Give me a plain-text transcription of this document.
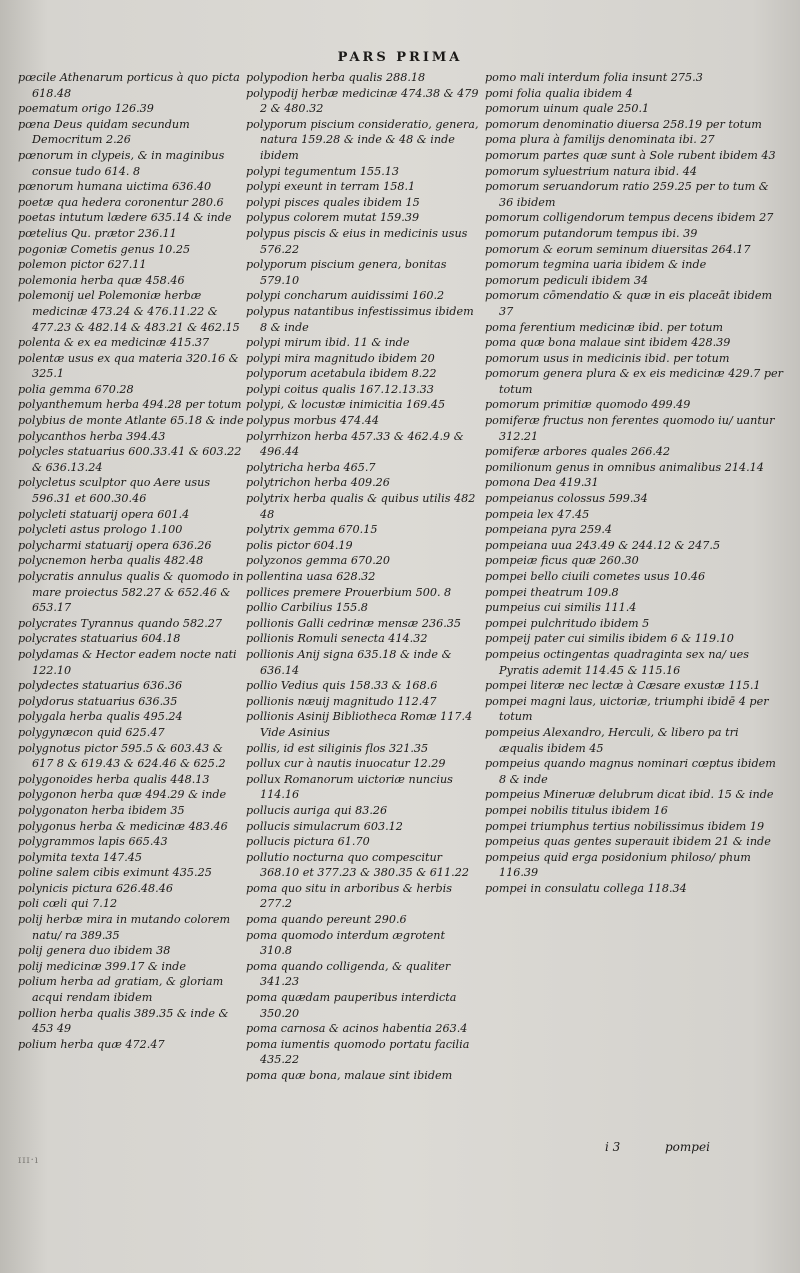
PARS PRIMA
pœcile Athenarum porticus à quo picta 618.48
poematum origo 126.39
pœna Deus quidam secundum Democritum 2.26
pœnorum in clypeis, & in maginibus consue tudo 614. 8
pœnorum humana uictima 636.40
poetæ qua hedera coronentur 280.6
poetas intutum lædere 635.14 & inde
pœtelius Qu. prætor 236.11
pogoniæ Cometis genus 10.25
polemon pictor 627.11
polemonia herba quæ 458.46
polemonij uel Polemoniæ herbæ medicinæ 473.24 & 476.11.22 & 477.23 & 482.14 & 483.21 & 462.15
polenta & ex ea medicinæ 415.37
polentæ usus ex qua materia 320.16 & 325.1
polia gemma 670.28
polyanthemum herba 494.28 per totum
polybius de monte Atlante 65.18 & inde
polycanthos herba 394.43
polycles statuarius 600.33.41 & 603.22 & 636.13.24
polycletus sculptor quo Aere usus 596.31 et 600.30.46
polycleti statuarij opera 601.4
polycleti astus prologo 1.100
polycharmi statuarij opera 636.26
polycnemon herba qualis 482.48
polycratis annulus qualis & quomodo in mare proiectus 582.27 & 652.46 & 653.17
polycrates Tyrannus quando 582.27
polycrates statuarius 604.18
polydamas & Hector eadem nocte nati 122.10
polydectes statuarius 636.36
polydorus statuarius 636.35
polygala herba qualis 495.24
polygynæcon quid 625.47
polygnotus pictor 595.5 & 603.43 & 617 8 & 619.43 & 624.46 & 625.2
polygonoides herba qualis 448.13
polygonon herba quæ 494.29 & inde
polygonaton herba ibidem 35
polygonus herba & medicinæ 483.46
polygrammos lapis 665.43
polymita texta 147.45
poline salem cibis eximunt 435.25
polynicis pictura 626.48.46
poli cœli qui 7.12
polij herbæ mira in mutando colorem natu/ ra 389.35
polij genera duo ibidem 38
polij medicinæ 399.17 & inde
polium herba ad gratiam, & gloriam acqui rendam ibidem
pollion herba qualis 389.35 & inde & 453 49
polium herba quæ 472.47
polypodion herba qualis 288.18
polypodij herbæ medicinæ 474.38 & 479 2 & 480.32
polyporum piscium consideratio, genera, natura 159.28 & inde & 48 & inde ibidem
polypi tegumentum 155.13
polypi exeunt in terram 158.1
polypi pisces quales ibidem 15
polypus colorem mutat 159.39
polypus piscis & eius in medicinis usus 576.22
polyporum piscium genera, bonitas 579.10
polypi concharum auidissimi 160.2
polypus natantibus infestissimus ibidem 8 & inde
polypi mirum ibid. 11 & inde
polypi mira magnitudo ibidem 20
polyporum acetabula ibidem 8.22
polypi coitus qualis 167.12.13.33
polypi, & locustæ inimicitia 169.45
polypus morbus 474.44
polyrrhizon herba 457.33 & 462.4.9 & 496.44
polytricha herba 465.7
polytrichon herba 409.26
polytrix herba qualis & quibus utilis 482 48
polytrix gemma 670.15
polis pictor 604.19
polyzonos gemma 670.20
pollentina uasa 628.32
pollices premere Prouerbium 500. 8
pollio Carbilius 155.8
pollionis Galli cedrinæ mensæ 236.35
pollionis Romuli senecta 414.32
pollionis Anij signa 635.18 & inde & 636.14
pollio Vedius quis 158.33 & 168.6
pollionis næuij magnitudo 112.47
pollionis Asinij Bibliotheca Romæ 117.4 Vide Asinius
pollis, id est siliginis flos 321.35
pollux cur à nautis inuocatur 12.29
pollux Romanorum uictoriæ nuncius 114.16
pollucis auriga qui 83.26
pollucis simulacrum 603.12
pollucis pictura 61.70
pollutio nocturna quo compescitur 368.10 et 377.23 & 380.35 & 611.22
poma quo situ in arboribus & herbis 277.2
poma quando pereunt 290.6
poma quomodo interdum ægrotent 310.8
poma quando colligenda, & qualiter 341.23
poma quædam pauperibus interdicta 350.20
poma carnosa & acinos habentia 263.4
poma iumentis quomodo portatu facilia 435.22
poma quæ bona, malaue sint ibidem
pomo mali interdum folia insunt 275.3
pomi folia qualia ibidem 4
pomorum uinum quale 250.1
pomorum denominatio diuersa 258.19 per totum
poma plura à familijs denominata ibi. 27
pomorum partes quæ sunt à Sole rubent ibidem 43
pomorum syluestrium natura ibid. 44
pomorum seruandorum ratio 259.25 per to tum & 36 ibidem
pomorum colligendorum tempus decens ibidem 27
pomorum putandorum tempus ibi. 39
pomorum & eorum seminum diuersitas 264.17
pomorum tegmina uaria ibidem & inde
pomorum pediculi ibidem 34
pomorum cōmendatio & quæ in eis placeāt ibidem 37
poma ferentium medicinæ ibid. per totum
poma quæ bona malaue sint ibidem 428.39
pomorum usus in medicinis ibid. per totum
pomorum genera plura & ex eis medicinæ 429.7 per totum
pomorum primitiæ quomodo 499.49
pomiferæ fructus non ferentes quomodo iu/ uantur 312.21
pomiferæ arbores quales 266.42
pomilionum genus in omnibus animalibus 214.14
pomona Dea 419.31
pompeianus colossus 599.34
pompeia lex 47.45
pompeiana pyra 259.4
pompeiana uua 243.49 & 244.12 & 247.5
pompeiæ ficus quæ 260.30
pompei bello ciuili cometes usus 10.46
pompei theatrum 109.8
pumpeius cui similis 111.4
pompei pulchritudo ibidem 5
pompeij pater cui similis ibidem 6 & 119.10
pompeius octingentas quadraginta sex na/ ues Pyratis ademit 114.45 & 115.16
pompei literæ nec lectæ à Cæsare exustæ 115.1
pompei magni laus, uictoriæ, triumphi ibidē 4 per totum
pompeius Alexandro, Herculi, & libero pa tri æqualis ibidem 45
pompeius quando magnus nominari cœptus ibidem 8 & inde
pompeius Mineruæ delubrum dicat ibid. 15 & inde
pompei nobilis titulus ibidem 16
pompei triumphus tertius nobilissimus ibidem 19
pompeius quas gentes superauit ibidem 21 & inde
pompeius quid erga posidonium philoso/ phum 116.39
pompei in consulatu collega 118.34
ɪɪɪ·ı
i 3	pompei
